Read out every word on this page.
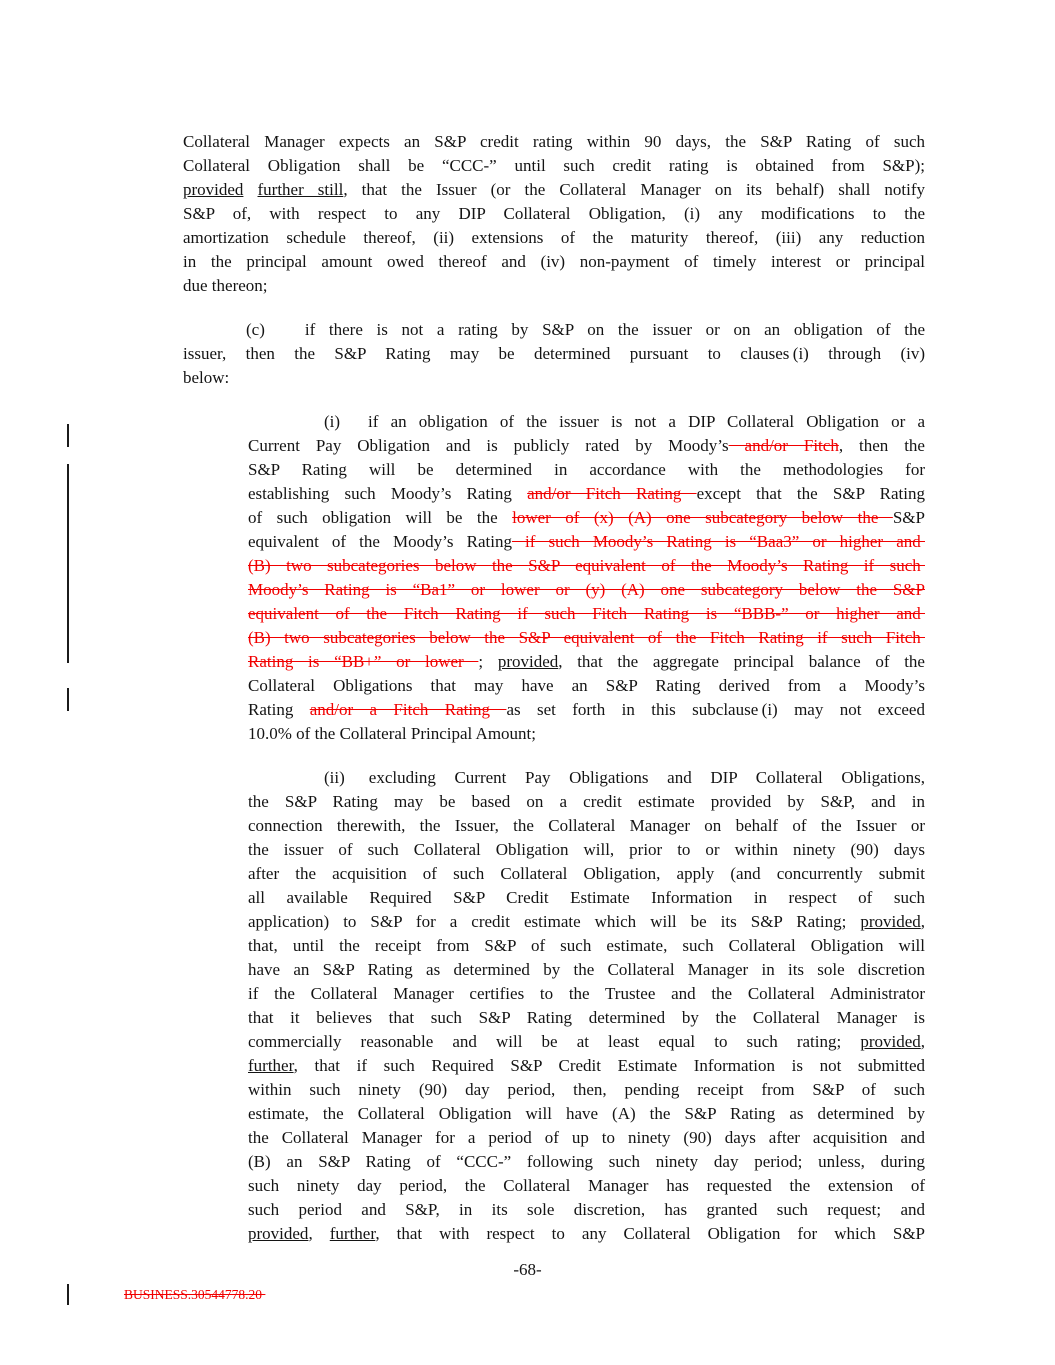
Collateral Manager expects an S&P credit rating within 90 days, the S&P Rating of such
Collateral Obligation shall be “CCC-” until such credit rating is obtained from S&P);
provided further still, that the Issuer (or the Collateral Manager on its behalf) shall notify
S&P of, with respect to any DIP Collateral Obligation, (i) any modifications to the
amortization schedule thereof, (ii) extensions of the maturity thereof, (iii) any reduction
in the principal amount owed thereof and (iv) non-payment of timely interest or principal
due thereon;
(c) if there is not a rating by S&P on the issuer or on an obligation of the
issuer, then the S&P Rating may be determined pursuant to clauses (i) through (iv)
below:
(i) if an obligation of the issuer is not a DIP Collateral Obligation or a
Current Pay Obligation and is publicly rated by Moody’s and/or Fitch, then the
S&P Rating will be determined in accordance with the methodologies for
establishing such Moody’s Rating and/or Fitch Rating except that the S&P Rating
of such obligation will be the lower of (x) (A) one subcategory below the S&P
equivalent of the Moody’s Rating if such Moody’s Rating is “Baa3” or higher and
(B) two subcategories below the S&P equivalent of the Moody’s Rating if such
Moody’s Rating is “Ba1” or lower or (y) (A) one subcategory below the S&P
equivalent of the Fitch Rating if such Fitch Rating is “BBB-” or higher and
(B) two subcategories below the S&P equivalent of the Fitch Rating if such Fitch
Rating is “BB+” or lower ; provided, that the aggregate principal balance of the
Collateral Obligations that may have an S&P Rating derived from a Moody’s
Rating and/or a Fitch Rating as set forth in this subclause (i) may not exceed
10.0% of the Collateral Principal Amount;
(ii) excluding Current Pay Obligations and DIP Collateral Obligations,
the S&P Rating may be based on a credit estimate provided by S&P, and in
connection therewith, the Issuer, the Collateral Manager on behalf of the Issuer or
the issuer of such Collateral Obligation will, prior to or within ninety (90) days
after the acquisition of such Collateral Obligation, apply (and concurrently submit
all available Required S&P Credit Estimate Information in respect of such
application) to S&P for a credit estimate which will be its S&P Rating; provided,
that, until the receipt from S&P of such estimate, such Collateral Obligation will
have an S&P Rating as determined by the Collateral Manager in its sole discretion
if the Collateral Manager certifies to the Trustee and the Collateral Administrator
that it believes that such S&P Rating determined by the Collateral Manager is
commercially reasonable and will be at least equal to such rating; provided,
further, that if such Required S&P Credit Estimate Information is not submitted
within such ninety (90) day period, then, pending receipt from S&P of such
estimate, the Collateral Obligation will have (A) the S&P Rating as determined by
the Collateral Manager for a period of up to ninety (90) days after acquisition and
(B) an S&P Rating of “CCC-” following such ninety day period; unless, during
such ninety day period, the Collateral Manager has requested the extension of
such period and S&P, in its sole discretion, has granted such request; and
provided, further, that with respect to any Collateral Obligation for which S&P
-68-
BUSINESS.30544778.20
